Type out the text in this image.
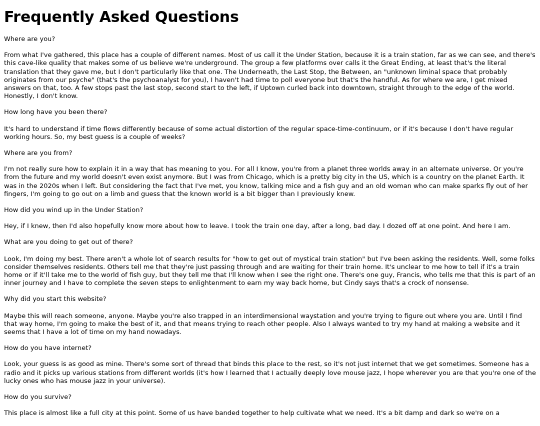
Frequently Asked Questions

Where are you?

From what I've gathered, this place has a couple of different names. Most of us call it the Under Station, because it is a train station, far as we can see, and there's this cave-like quality that makes some of us believe we're underground. The group a few platforms over calls it the Great Ending, at least that's the literal translation that they gave me, but I don't particularly like that one. The Underneath, the Last Stop, the Between, an "unknown liminal space that probably originates from our psyche" (that's the psychoanalyst for you), I haven't had time to poll everyone but that's the handful. As for where we are, I get mixed answers on that, too. A few stops past the last stop, second start to the left, if Uptown curled back into downtown, straight through to the edge of the world. Honestly, I don't know.

How long have you been there?

It's hard to understand if time flows differently because of some actual distortion of the regular space-time-continuum, or if it's because I don't have regular working hours. So, my best guess is a couple of weeks?

Where are you from?

I'm not really sure how to explain it in a way that has meaning to you. For all I know, you're from a planet three worlds away in an alternate universe. Or you're from the future and my world doesn't even exist anymore. But I was from Chicago, which is a pretty big city in the US, which is a country on the planet Earth. It was in the 2020s when I left. But considering the fact that I've met, you know, talking mice and a fish guy and an old woman who can make sparks fly out of her fingers, I'm going to go out on a limb and guess that the known world is a bit bigger than I previously knew.

How did you wind up in the Under Station?

Hey, if I knew, then I'd also hopefully know more about how to leave. I took the train one day, after a long, bad day. I dozed off at one point. And here I am.

What are you doing to get out of there?

Look, I'm doing my best. There aren't a whole lot of search results for "how to get out of mystical train station" but I've been asking the residents. Well, some folks consider themselves residents. Others tell me that they're just passing through and are waiting for their train home. It's unclear to me how to tell if it's a train home or if it'll take me to the world of fish guy, but they tell me that I'll know when I see the right one. There's one guy, Francis, who tells me that this is part of an inner journey and I have to complete the seven steps to enlightenment to earn my way back home, but Cindy says that's a crock of nonsense.

Why did you start this website?

Maybe this will reach someone, anyone. Maybe you're also trapped in an interdimensional waystation and you're trying to figure out where you are. Until I find that way home, I'm going to make the best of it, and that means trying to reach other people. Also I always wanted to try my hand at making a website and it seems that I have a lot of time on my hand nowadays.

How do you have internet?

Look, your guess is as good as mine. There's some sort of thread that binds this place to the rest, so it's not just internet that we get sometimes. Someone has a radio and it picks up various stations from different worlds (it's how I learned that I actually deeply love mouse jazz, I hope wherever you are that you're one of the lucky ones who has mouse jazz in your universe).

How do you survive?

This place is almost like a full city at this point. Some of us have banded together to help cultivate what we need. It's a bit damp and dark so we're on a
